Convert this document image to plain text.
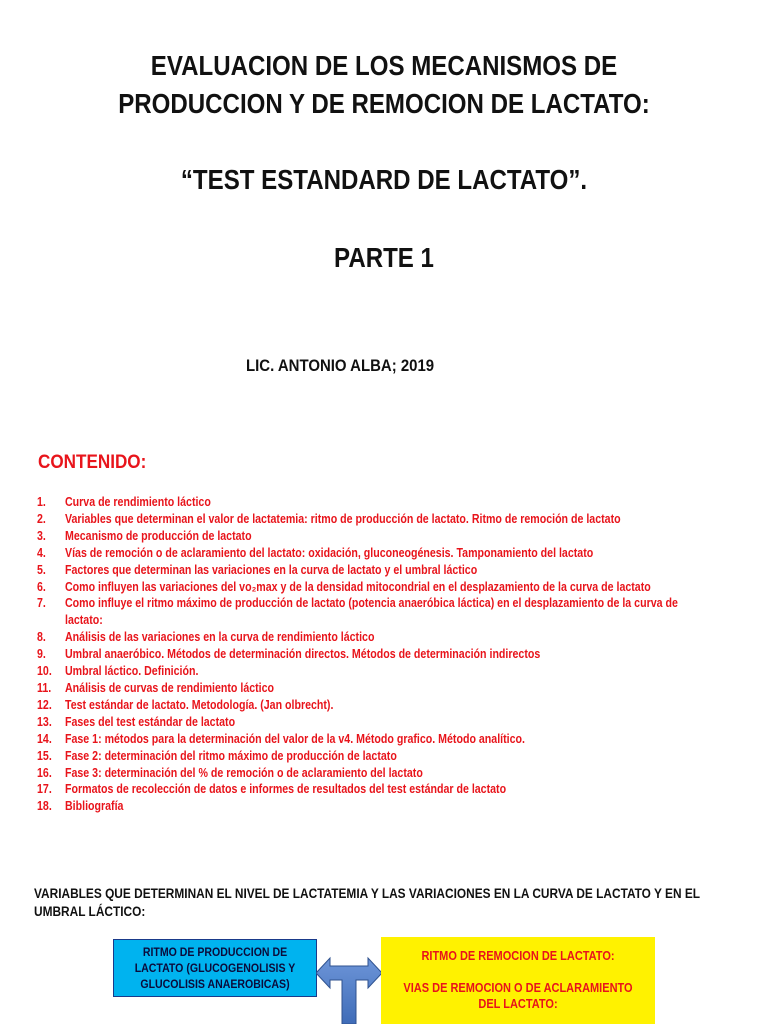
EVALUACION DE LOS MECANISMOS DE
PRODUCCION Y DE REMOCION DE LACTATO:
“TEST ESTANDARD DE LACTATO”.
PARTE 1
LIC. ANTONIO ALBA; 2019
CONTENIDO:
1.	Curva de rendimiento láctico
2.	Variables que determinan el valor de lactatemia: ritmo de producción de lactato. Ritmo de remoción de lactato
3.	Mecanismo de producción de lactato
4.	Vías de remoción o de aclaramiento del lactato: oxidación, gluconeogénesis. Tamponamiento del lactato
5.	Factores que determinan las variaciones en la curva de lactato y el umbral láctico
6.	Como influyen las variaciones del vo₂max y de la densidad mitocondrial en el desplazamiento de la curva de lactato
7.	Como influye el ritmo máximo de producción de lactato (potencia anaeróbica láctica) en el desplazamiento de la curva de lactato:
8.	Análisis de las variaciones en la curva de rendimiento láctico
9.	Umbral anaeróbico. Métodos de determinación directos. Métodos de determinación indirectos
10.	Umbral láctico. Definición.
11.	Análisis de curvas de rendimiento láctico
12.	Test estándar de lactato. Metodología. (Jan olbrecht).
13.	Fases del test estándar de lactato
14.	Fase 1: métodos para la determinación del valor de la v4. Método grafico. Método analítico.
15.	Fase 2: determinación del ritmo máximo de producción de lactato
16.	Fase 3: determinación del % de remoción o de aclaramiento del lactato
17.	Formatos de recolección de datos e informes de resultados del test estándar de lactato
18.	Bibliografía
VARIABLES QUE DETERMINAN EL NIVEL DE LACTATEMIA Y LAS VARIACIONES EN LA CURVA DE LACTATO Y EN EL UMBRAL LÁCTICO:
RITMO DE PRODUCCION DE LACTATO (GLUCOGENOLISIS Y GLUCOLISIS ANAEROBICAS)
RITMO DE REMOCION DE LACTATO:
VIAS DE REMOCION O DE ACLARAMIENTO DEL LACTATO:
